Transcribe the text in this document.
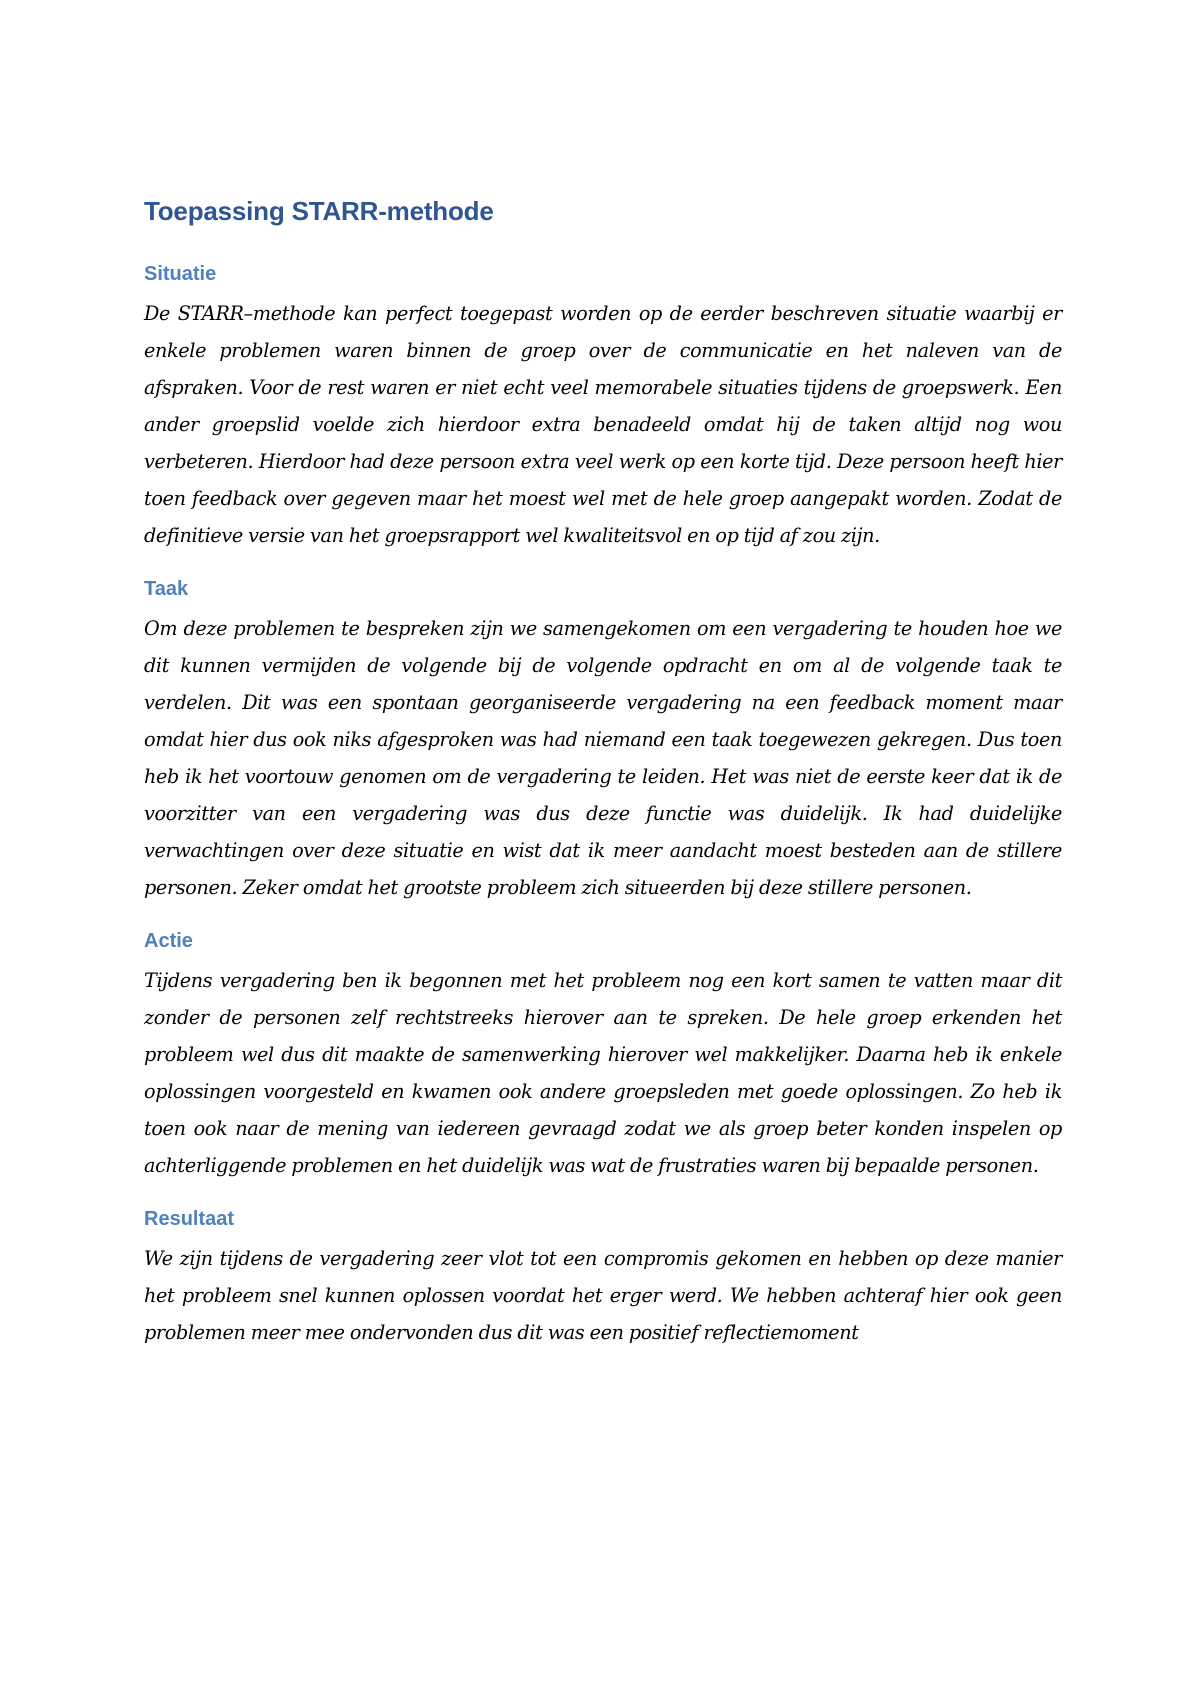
Toepassing STARR-methode
Situatie

De STARR–methode kan perfect toegepast worden op de eerder beschreven situatie waarbij er enkele problemen waren binnen de groep over de communicatie en het naleven van de afspraken. Voor de rest waren er niet echt veel memorabele situaties tijdens de groepswerk. Een ander groepslid voelde zich hierdoor extra benadeeld omdat hij de taken altijd nog wou verbeteren. Hierdoor had deze persoon extra veel werk op een korte tijd. Deze persoon heeft hier toen feedback over gegeven maar het moest wel met de hele groep aangepakt worden. Zodat de definitieve versie van het groepsrapport wel kwaliteitsvol en op tijd af zou zijn.

Taak

Om deze problemen te bespreken zijn we samengekomen om een vergadering te houden hoe we dit kunnen vermijden de volgende bij de volgende opdracht en om al de volgende taak te verdelen. Dit was een spontaan georganiseerde vergadering na een feedback moment maar omdat hier dus ook niks afgesproken was had niemand een taak toegewezen gekregen. Dus toen heb ik het voortouw genomen om de vergadering te leiden. Het was niet de eerste keer dat ik de voorzitter van een vergadering was dus deze functie was duidelijk. Ik had duidelijke verwachtingen over deze situatie en wist dat ik meer aandacht moest besteden aan de stillere personen. Zeker omdat het grootste probleem zich situeerden bij deze stillere personen.

Actie

Tijdens vergadering ben ik begonnen met het probleem nog een kort samen te vatten maar dit zonder de personen zelf rechtstreeks hierover aan te spreken. De hele groep erkenden het probleem wel dus dit maakte de samenwerking hierover wel makkelijker. Daarna heb ik enkele oplossingen voorgesteld en kwamen ook andere groepsleden met goede oplossingen. Zo heb ik toen ook naar de mening van iedereen gevraagd zodat we als groep beter konden inspelen op achterliggende problemen en het duidelijk was wat de frustraties waren bij bepaalde personen.

Resultaat

We zijn tijdens de vergadering zeer vlot tot een compromis gekomen en hebben op deze manier het probleem snel kunnen oplossen voordat het erger werd. We hebben achteraf hier ook geen problemen meer mee ondervonden dus dit was een positief reflectiemoment
